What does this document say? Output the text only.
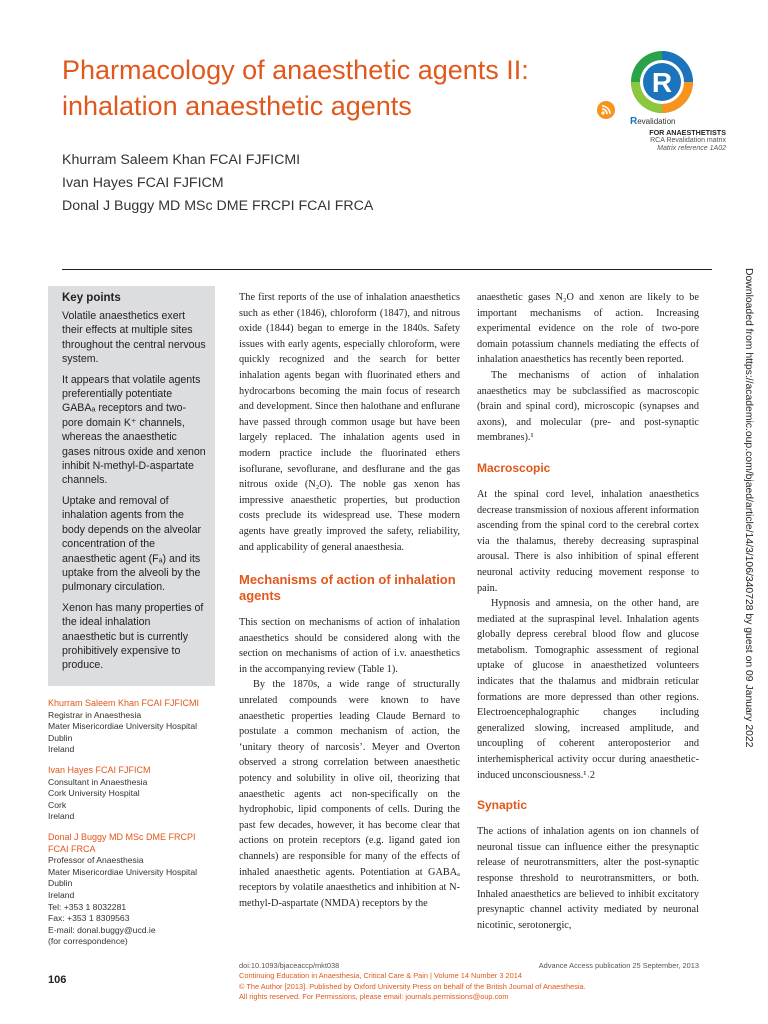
Pharmacology of anaesthetic agents II: inhalation anaesthetic agents
Khurram Saleem Khan FCAI FJFICMI
Ivan Hayes FCAI FJFICM
Donal J Buggy MD MSc DME FRCPI FCAI FRCA
R
Revalidation
FOR ANAESTHETISTS
RCA Revalidation matrix
Matrix reference 1A02
Downloaded from https://academic.oup.com/bjaed/article/14/3/106/340728 by guest on 09 January 2022
Key points

Volatile anaesthetics exert their effects at multiple sites throughout the central nervous system.

It appears that volatile agents preferentially potentiate GABAₐ receptors and two-pore domain K⁺ channels, whereas the anaesthetic gases nitrous oxide and xenon inhibit N-methyl-D-aspartate channels.

Uptake and removal of inhalation agents from the body depends on the alveolar concentration of the anaesthetic agent (Fₐ) and its uptake from the alveoli by the pulmonary circulation.

Xenon has many properties of the ideal inhalation anaesthetic but is currently prohibitively expensive to produce.

Khurram Saleem Khan FCAI FJFICMI
Registrar in Anaesthesia
Mater Misericordiae University Hospital
Dublin
Ireland
Ivan Hayes FCAI FJFICM
Consultant in Anaesthesia
Cork University Hospital
Cork
Ireland
Donal J Buggy MD MSc DME FRCPI FCAI FRCA
Professor of Anaesthesia
Mater Misericordiae University Hospital
Dublin
Ireland
Tel: +353 1 8032281
Fax: +353 1 8309563
E-mail: donal.buggy@ucd.ie
(for correspondence)
106

The first reports of the use of inhalation anaesthetics such as ether (1846), chloroform (1847), and nitrous oxide (1844) began to emerge in the 1840s. Safety issues with early agents, especially chloroform, were quickly recognized and the search for better inhalation agents began with fluorinated ethers and hydrocarbons becoming the main focus of research and development. Since then halothane and enflurane have passed through common usage but have been largely replaced. The inhalation agents used in modern practice include the fluorinated ethers isoflurane, sevoflurane, and desflurane and the gas nitrous oxide (N₂O). The noble gas xenon has impressive anaesthetic properties, but production costs preclude its widespread use. These modern agents have greatly improved the safety, reliability, and applicability of general anaesthesia.

Mechanisms of action of inhalation agents

This section on mechanisms of action of inhalation anaesthetics should be considered along with the section on mechanisms of action of i.v. anaesthetics in the accompanying review (Table 1).

By the 1870s, a wide range of structurally unrelated compounds were known to have anaesthetic properties leading Claude Bernard to postulate a common mechanism of action, the ‘unitary theory of narcosis’. Meyer and Overton observed a strong correlation between anaesthetic potency and solubility in olive oil, theorizing that anaesthetic agents act non-specifically on the hydrophobic, lipid components of cells. During the past few decades, however, it has become clear that actions on protein receptors (e.g. ligand gated ion channels) are responsible for many of the effects of inhaled anaesthetic agents. Potentiation at GABAₐ receptors by volatile anaesthetics and inhibition at N-methyl-D-aspartate (NMDA) receptors by the

anaesthetic gases N₂O and xenon are likely to be important mechanisms of action. Increasing experimental evidence on the role of two-pore domain potassium channels mediating the effects of inhalation anaesthetics has recently been reported.

The mechanisms of action of inhalation anaesthetics may be subclassified as macroscopic (brain and spinal cord), microscopic (synapses and axons), and molecular (pre- and post-synaptic membranes).¹

Macroscopic

At the spinal cord level, inhalation anaesthetics decrease transmission of noxious afferent information ascending from the spinal cord to the cerebral cortex via the thalamus, thereby decreasing supraspinal arousal. There is also inhibition of spinal efferent neuronal activity reducing movement response to pain.

Hypnosis and amnesia, on the other hand, are mediated at the supraspinal level. Inhalation agents globally depress cerebral blood flow and glucose metabolism. Tomographic assessment of regional uptake of glucose in anaesthetized volunteers indicates that the thalamus and midbrain reticular formations are more depressed than other regions. Electroencephalographic changes including generalized slowing, increased amplitude, and uncoupling of coherent anteroposterior and interhemispherical activity occur during anaesthetic-induced unconsciousness.¹˒2

Synaptic

The actions of inhalation agents on ion channels of neuronal tissue can influence either the presynaptic release of neurotransmitters, alter the post-synaptic response threshold to neurotransmitters, or both. Inhaled anaesthetics are believed to inhibit excitatory presynaptic channel activity mediated by neuronal nicotinic, serotonergic,

doi:10.1093/bjaceaccp/mkt038	Advance Access publication 25 September, 2013
Continuing Education in Anaesthesia, Critical Care & Pain | Volume 14 Number 3 2014
© The Author [2013]. Published by Oxford University Press on behalf of the British Journal of Anaesthesia.
All rights reserved. For Permissions, please email: journals.permissions@oup.com
